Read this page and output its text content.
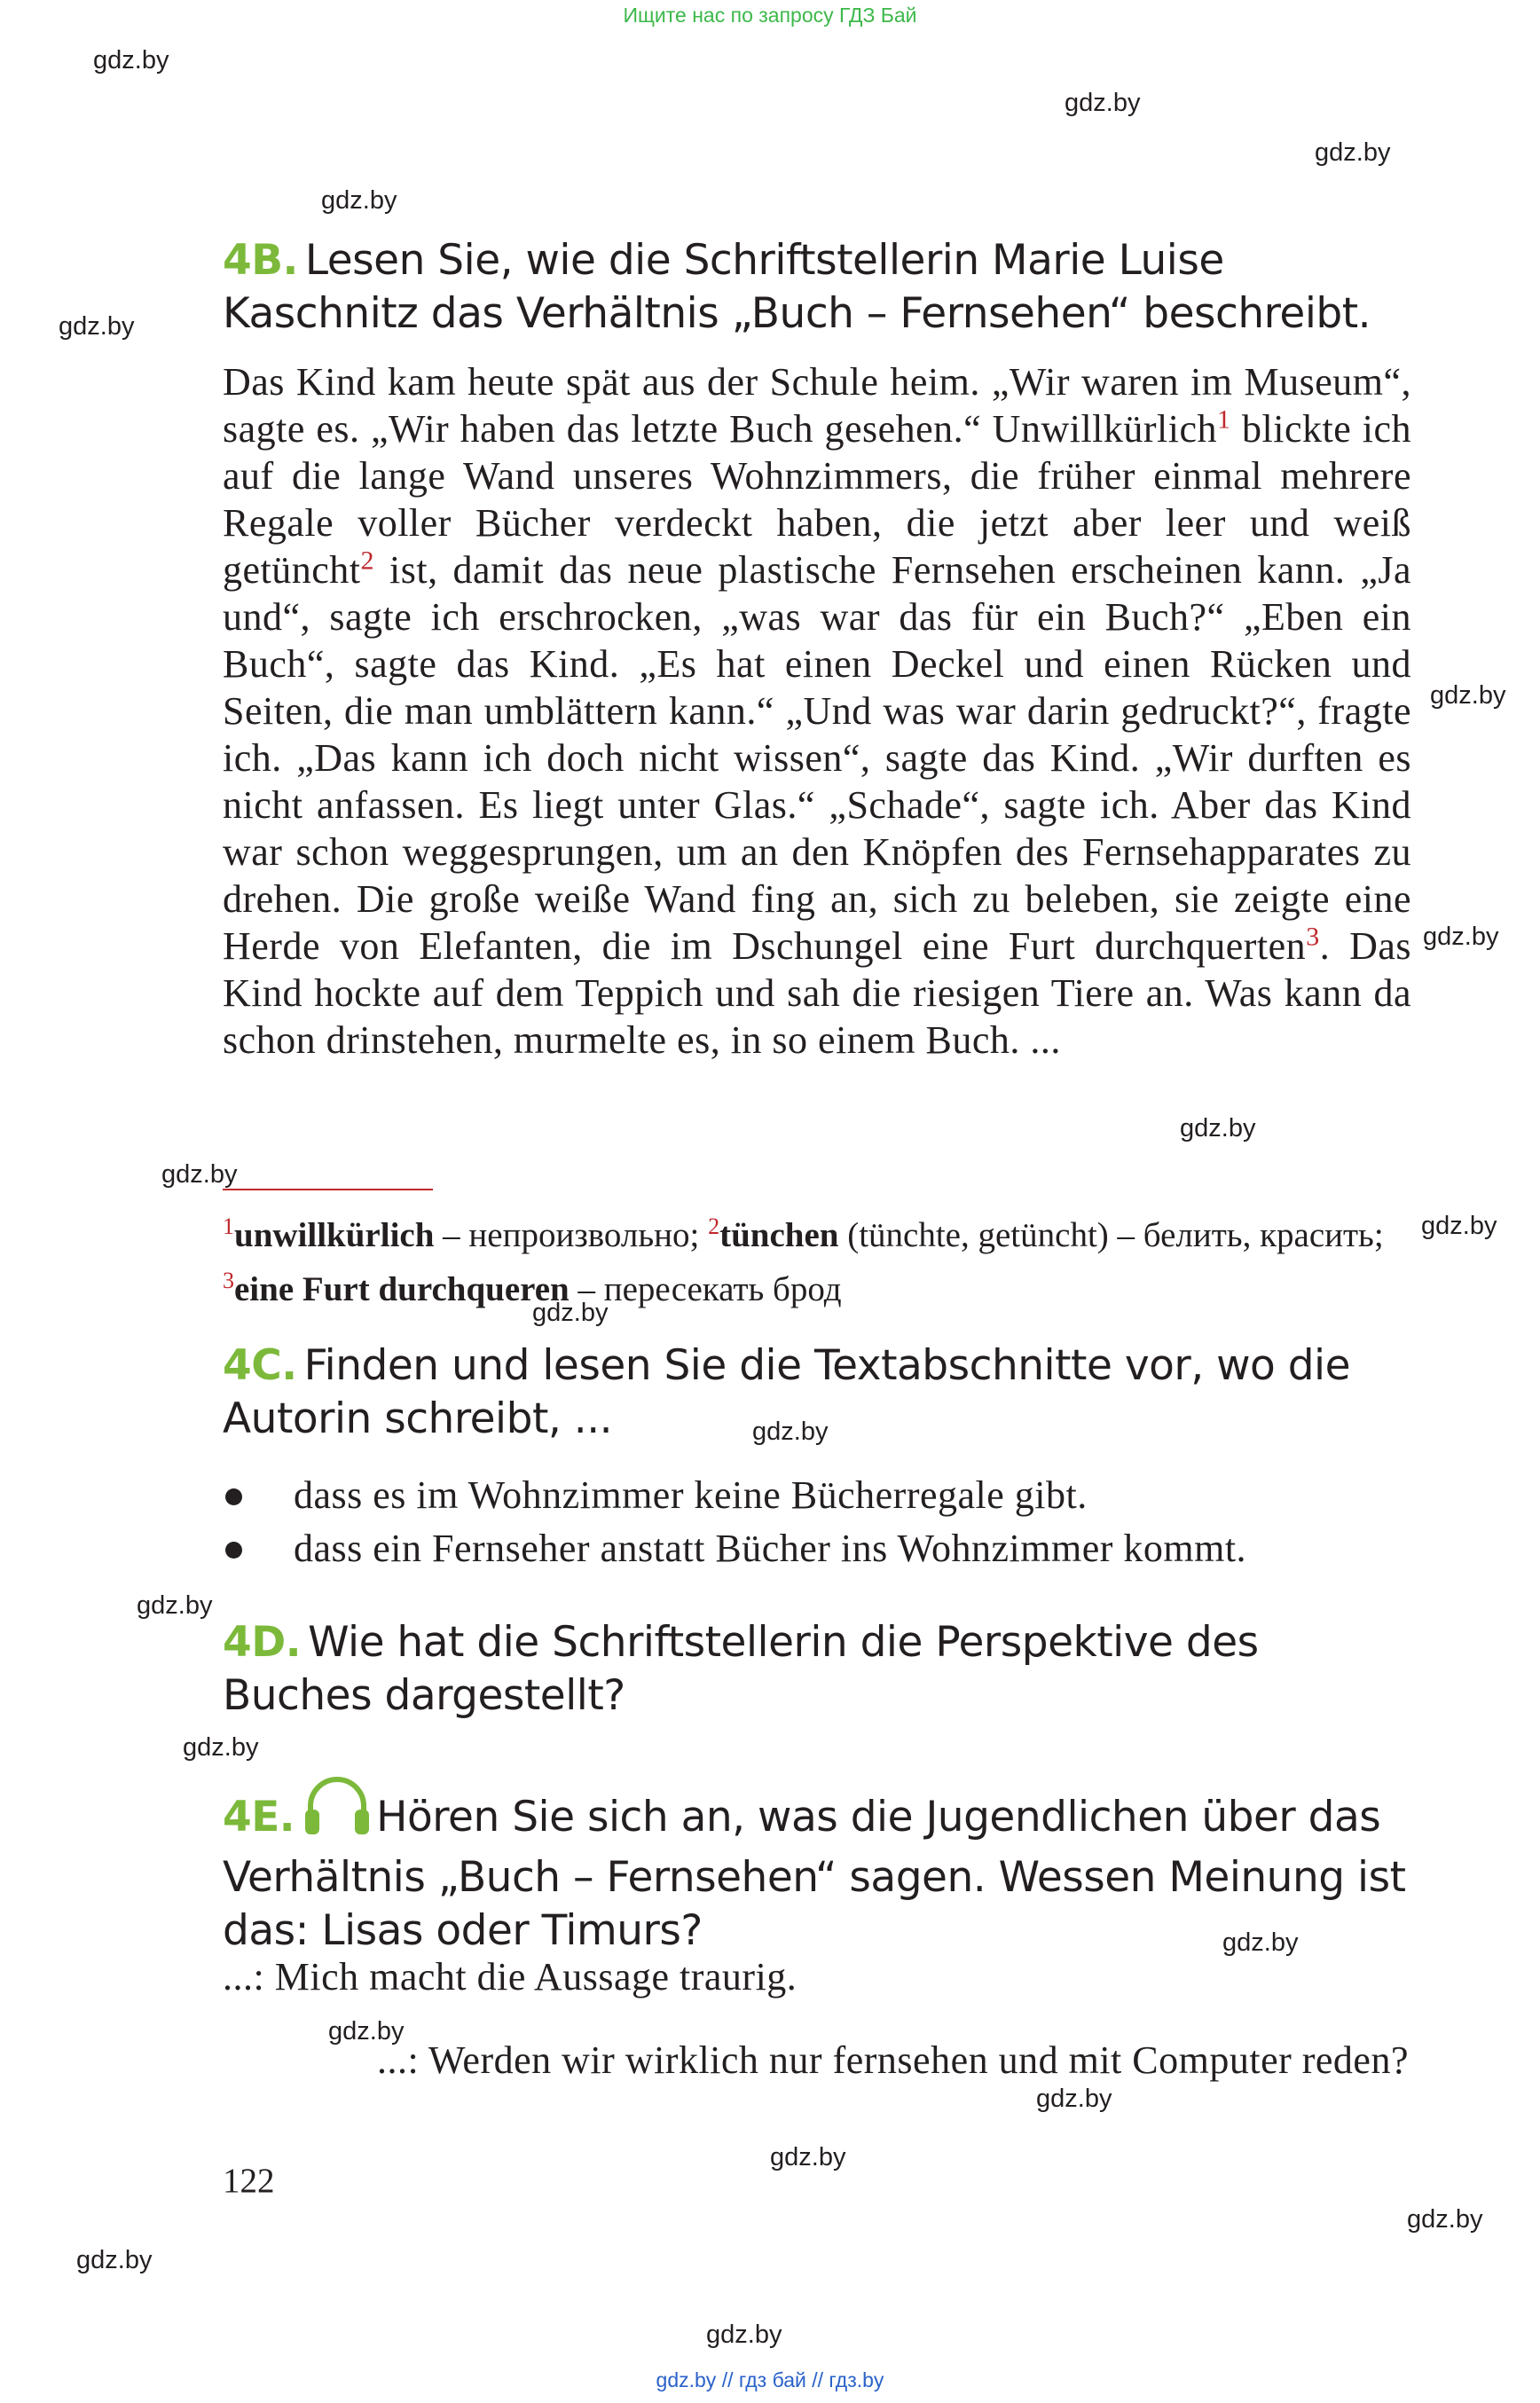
Ищите нас по запросу ГДЗ Бай
gdz.by
gdz.by
gdz.by
gdz.by
gdz.by
gdz.by
gdz.by
gdz.by
gdz.by
gdz.by
gdz.by
gdz.by
gdz.by
gdz.by
gdz.by
gdz.by
gdz.by
gdz.by
gdz.by
gdz.by
gdz.by
4B. Lesen Sie, wie die Schriftstellerin Marie Luise Kaschnitz das Verhältnis „Buch – Fernsehen“ beschreibt.
Das Kind kam heute spät aus der Schule heim. „Wir waren im Museum“, sagte es. „Wir haben das letzte Buch gesehen.“ Unwillkürlich$^1$ blickte ich auf die lange Wand unseres Wohnzimmers, die früher einmal mehrere Regale voller Bücher verdeckt haben, die jetzt aber leer und weiß getüncht$^2$ ist, damit das neue plastische Fernsehen erscheinen kann. „Ja und“, sagte ich erschrocken, „was war das für ein Buch?“ „Eben ein Buch“, sagte das Kind. „Es hat einen Deckel und einen Rücken und Seiten, die man umblättern kann.“ „Und was war darin gedruckt?“, fragte ich. „Das kann ich doch nicht wissen“, sagte das Kind. „Wir durften es nicht anfassen. Es liegt unter Glas.“ „Schade“, sagte ich. Aber das Kind war schon weggesprungen, um an den Knöpfen des Fernsehapparates zu drehen. Die große weiße Wand fing an, sich zu beleben, sie zeigte eine Herde von Elefanten, die im Dschungel eine Furt durchquerten$^3$. Das Kind hockte auf dem Teppich und sah die riesigen Tiere an. Was kann da schon drinstehen, murmelte es, in so einem Buch. ...
$^1$unwillkürlich – непроизвольно; $^2$tünchen (tünchte, getüncht) – белить, красить; $^3$eine Furt durchqueren – пересекать брод
4C. Finden und lesen Sie die Textabschnitte vor, wo die Autorin schreibt, ...
dass es im Wohnzimmer keine Bücherregale gibt.
dass ein Fernseher anstatt Bücher ins Wohnzimmer kommt.
4D. Wie hat die Schriftstellerin die Perspektive des Buches dargestellt?
4E. Hören Sie sich an, was die Jugendlichen über das Verhältnis „Buch – Fernsehen“ sagen. Wessen Meinung ist das: Lisas oder Timurs?
...: Mich macht die Aussage traurig.
...: Werden wir wirklich nur fernsehen und mit Computer reden?
122
gdz.by // гдз бай // гдз.by
